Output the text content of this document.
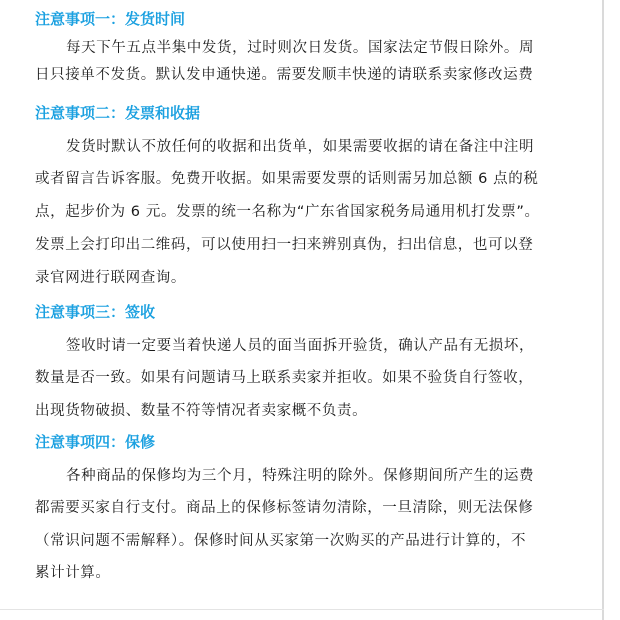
注意事项一：发货时间
每天下午五点半集中发货，过时则次日发货。国家法定节假日除外。周
日只接单不发货。默认发申通快递。需要发顺丰快递的请联系卖家修改运费
注意事项二：发票和收据
发货时默认不放任何的收据和出货单，如果需要收据的请在备注中注明
或者留言告诉客服。免费开收据。如果需要发票的话则需另加总额 6 点的税
点，起步价为 6 元。发票的统一名称为“广东省国家税务局通用机打发票”。
发票上会打印出二维码，可以使用扫一扫来辨别真伪，扫出信息，也可以登
录官网进行联网查询。
注意事项三：签收
签收时请一定要当着快递人员的面当面拆开验货，确认产品有无损坏，
数量是否一致。如果有问题请马上联系卖家并拒收。如果不验货自行签收，
出现货物破损、数量不符等情况者卖家概不负责。
注意事项四：保修
各种商品的保修均为三个月，特殊注明的除外。保修期间所产生的运费
都需要买家自行支付。商品上的保修标签请勿清除，一旦清除，则无法保修
（常识问题不需解释）。保修时间从买家第一次购买的产品进行计算的，不
累计计算。
